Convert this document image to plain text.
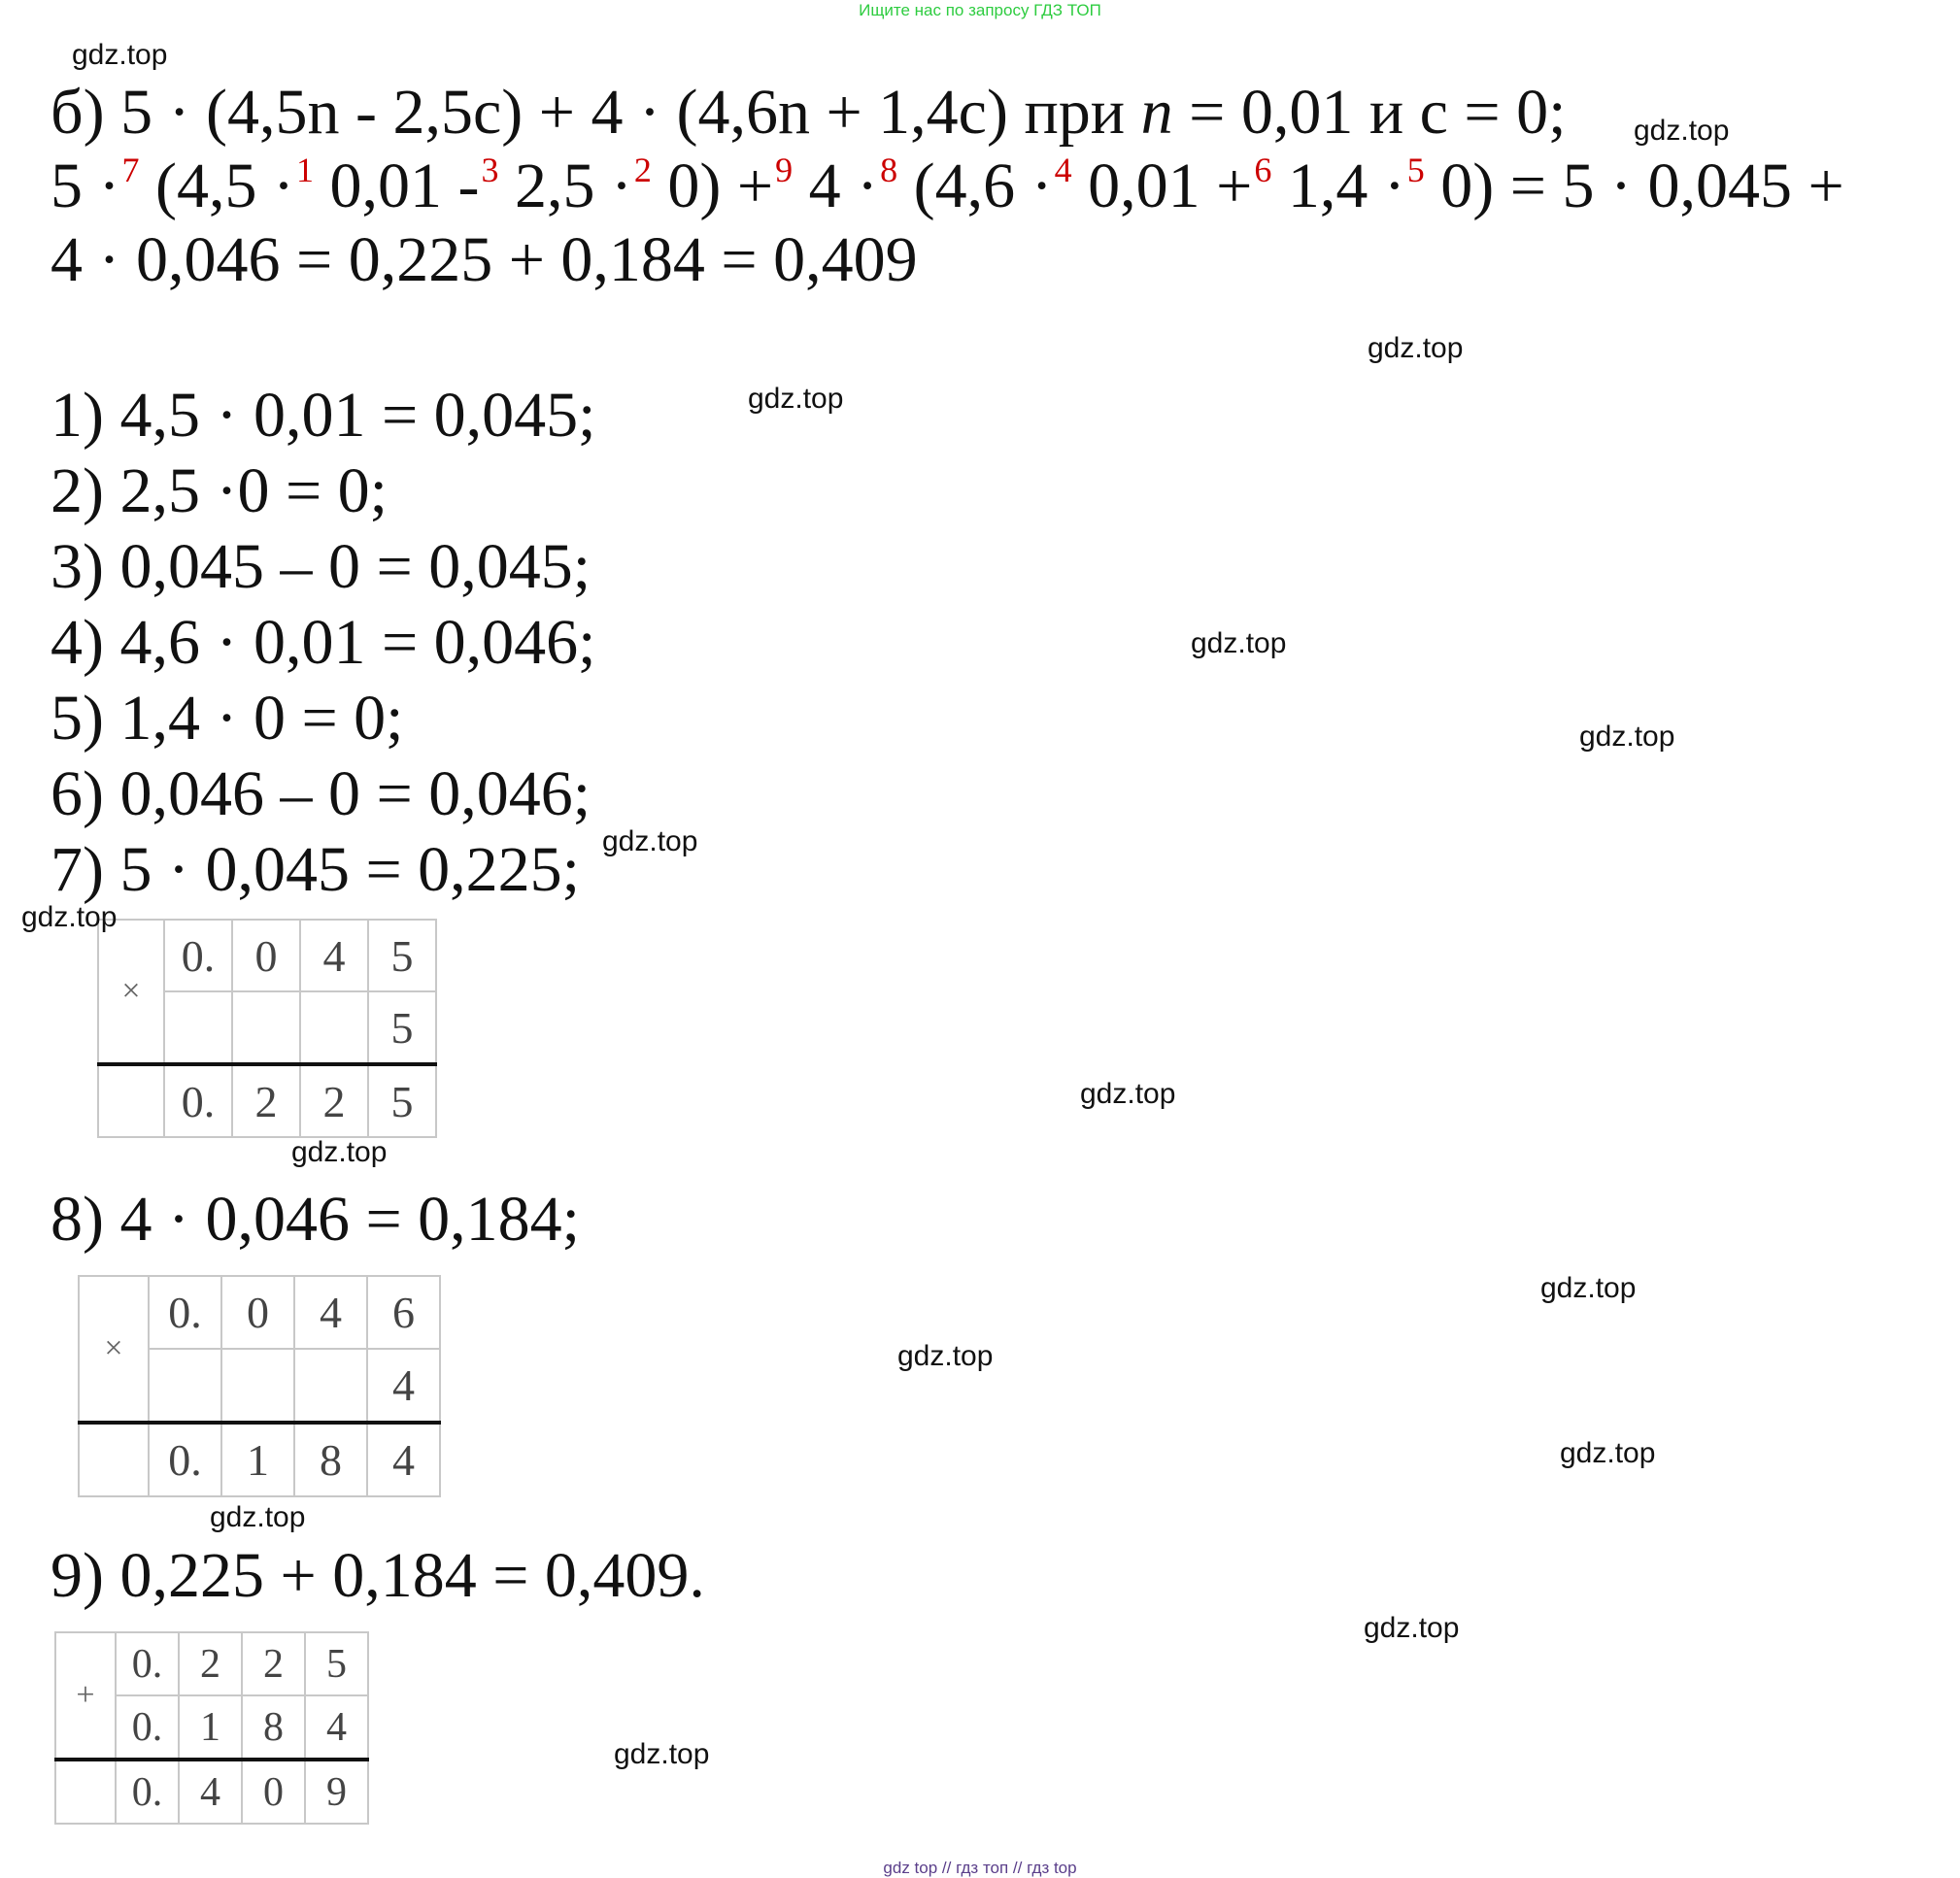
Ищите нас по запросу ГДЗ ТОП
б) 5 · (4,5n - 2,5c) + 4 · (4,6n + 1,4c) при n = 0,01 и с = 0;
5 ·$^7$ (4,5 ·$^1$ 0,01 -$^3$ 2,5 ·$^2$ 0) +$^9$ 4 ·$^8$ (4,6 ·$^4$ 0,01 +$^6$ 1,4 ·$^5$ 0) = 5 · 0,045 +
4 · 0,046 = 0,225 + 0,184 = 0,409
1) 4,5 · 0,01 = 0,045;
2) 2,5 ·0 = 0;
3) 0,045 – 0 = 0,045;
4) 4,6 · 0,01 = 0,046;
5) 1,4 · 0 = 0;
6) 0,046 – 0 = 0,046;
7) 5 · 0,045 = 0,225;
8) 4 · 0,046 = 0,184;
9) 0,225 + 0,184 = 0,409.
×	0.	0	4	5
				5
	0.	2	2	5
×	0.	0	4	6
				4
	0.	1	8	4
+	0.	2	2	5
	0.	1	8	4
	0.	4	0	9
gdz.top
gdz.top
gdz.top
gdz.top
gdz.top
gdz.top
gdz.top
gdz.top
gdz.top
gdz.top
gdz.top
gdz.top
gdz.top
gdz.top
gdz.top
gdz.top
gdz top // гдз топ // гдз top
